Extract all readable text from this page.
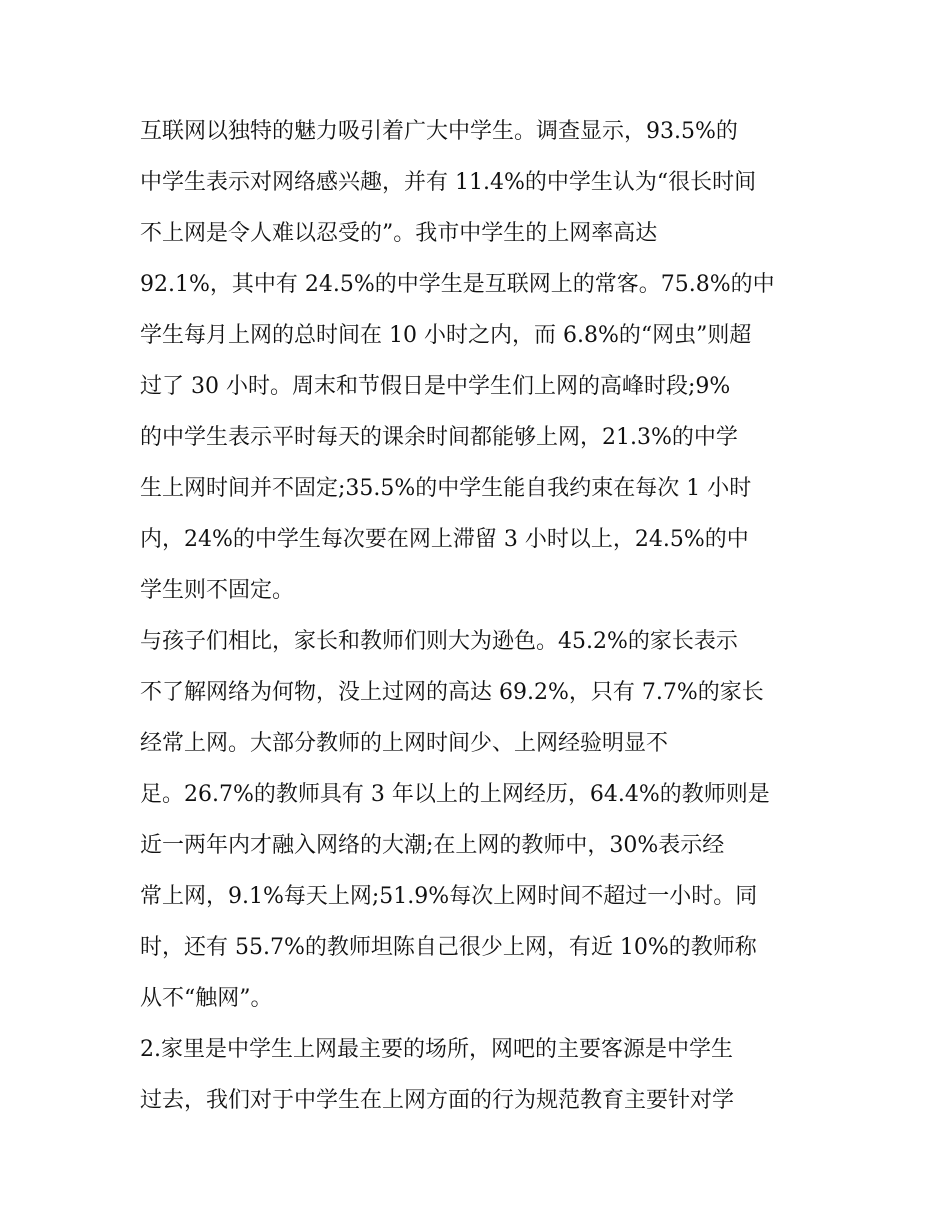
互联网以独特的魅力吸引着广大中学生。调查显示，93.5%的
中学生表示对网络感兴趣，并有 11.4%的中学生认为“很长时间
不上网是令人难以忍受的”。我市中学生的上网率高达
92.1%，其中有 24.5%的中学生是互联网上的常客。75.8%的中
学生每月上网的总时间在 10 小时之内，而 6.8%的“网虫”则超
过了 30 小时。周末和节假日是中学生们上网的高峰时段;9%
的中学生表示平时每天的课余时间都能够上网，21.3%的中学
生上网时间并不固定;35.5%的中学生能自我约束在每次 1 小时
内，24%的中学生每次要在网上滞留 3 小时以上，24.5%的中
学生则不固定。
与孩子们相比，家长和教师们则大为逊色。45.2%的家长表示
不了解网络为何物，没上过网的高达 69.2%，只有 7.7%的家长
经常上网。大部分教师的上网时间少、上网经验明显不
足。26.7%的教师具有 3 年以上的上网经历，64.4%的教师则是
近一两年内才融入网络的大潮;在上网的教师中，30%表示经
常上网，9.1%每天上网;51.9%每次上网时间不超过一小时。同
时，还有 55.7%的教师坦陈自己很少上网，有近 10%的教师称
从不“触网”。
2.家里是中学生上网最主要的场所，网吧的主要客源是中学生
过去，我们对于中学生在上网方面的行为规范教育主要针对学
